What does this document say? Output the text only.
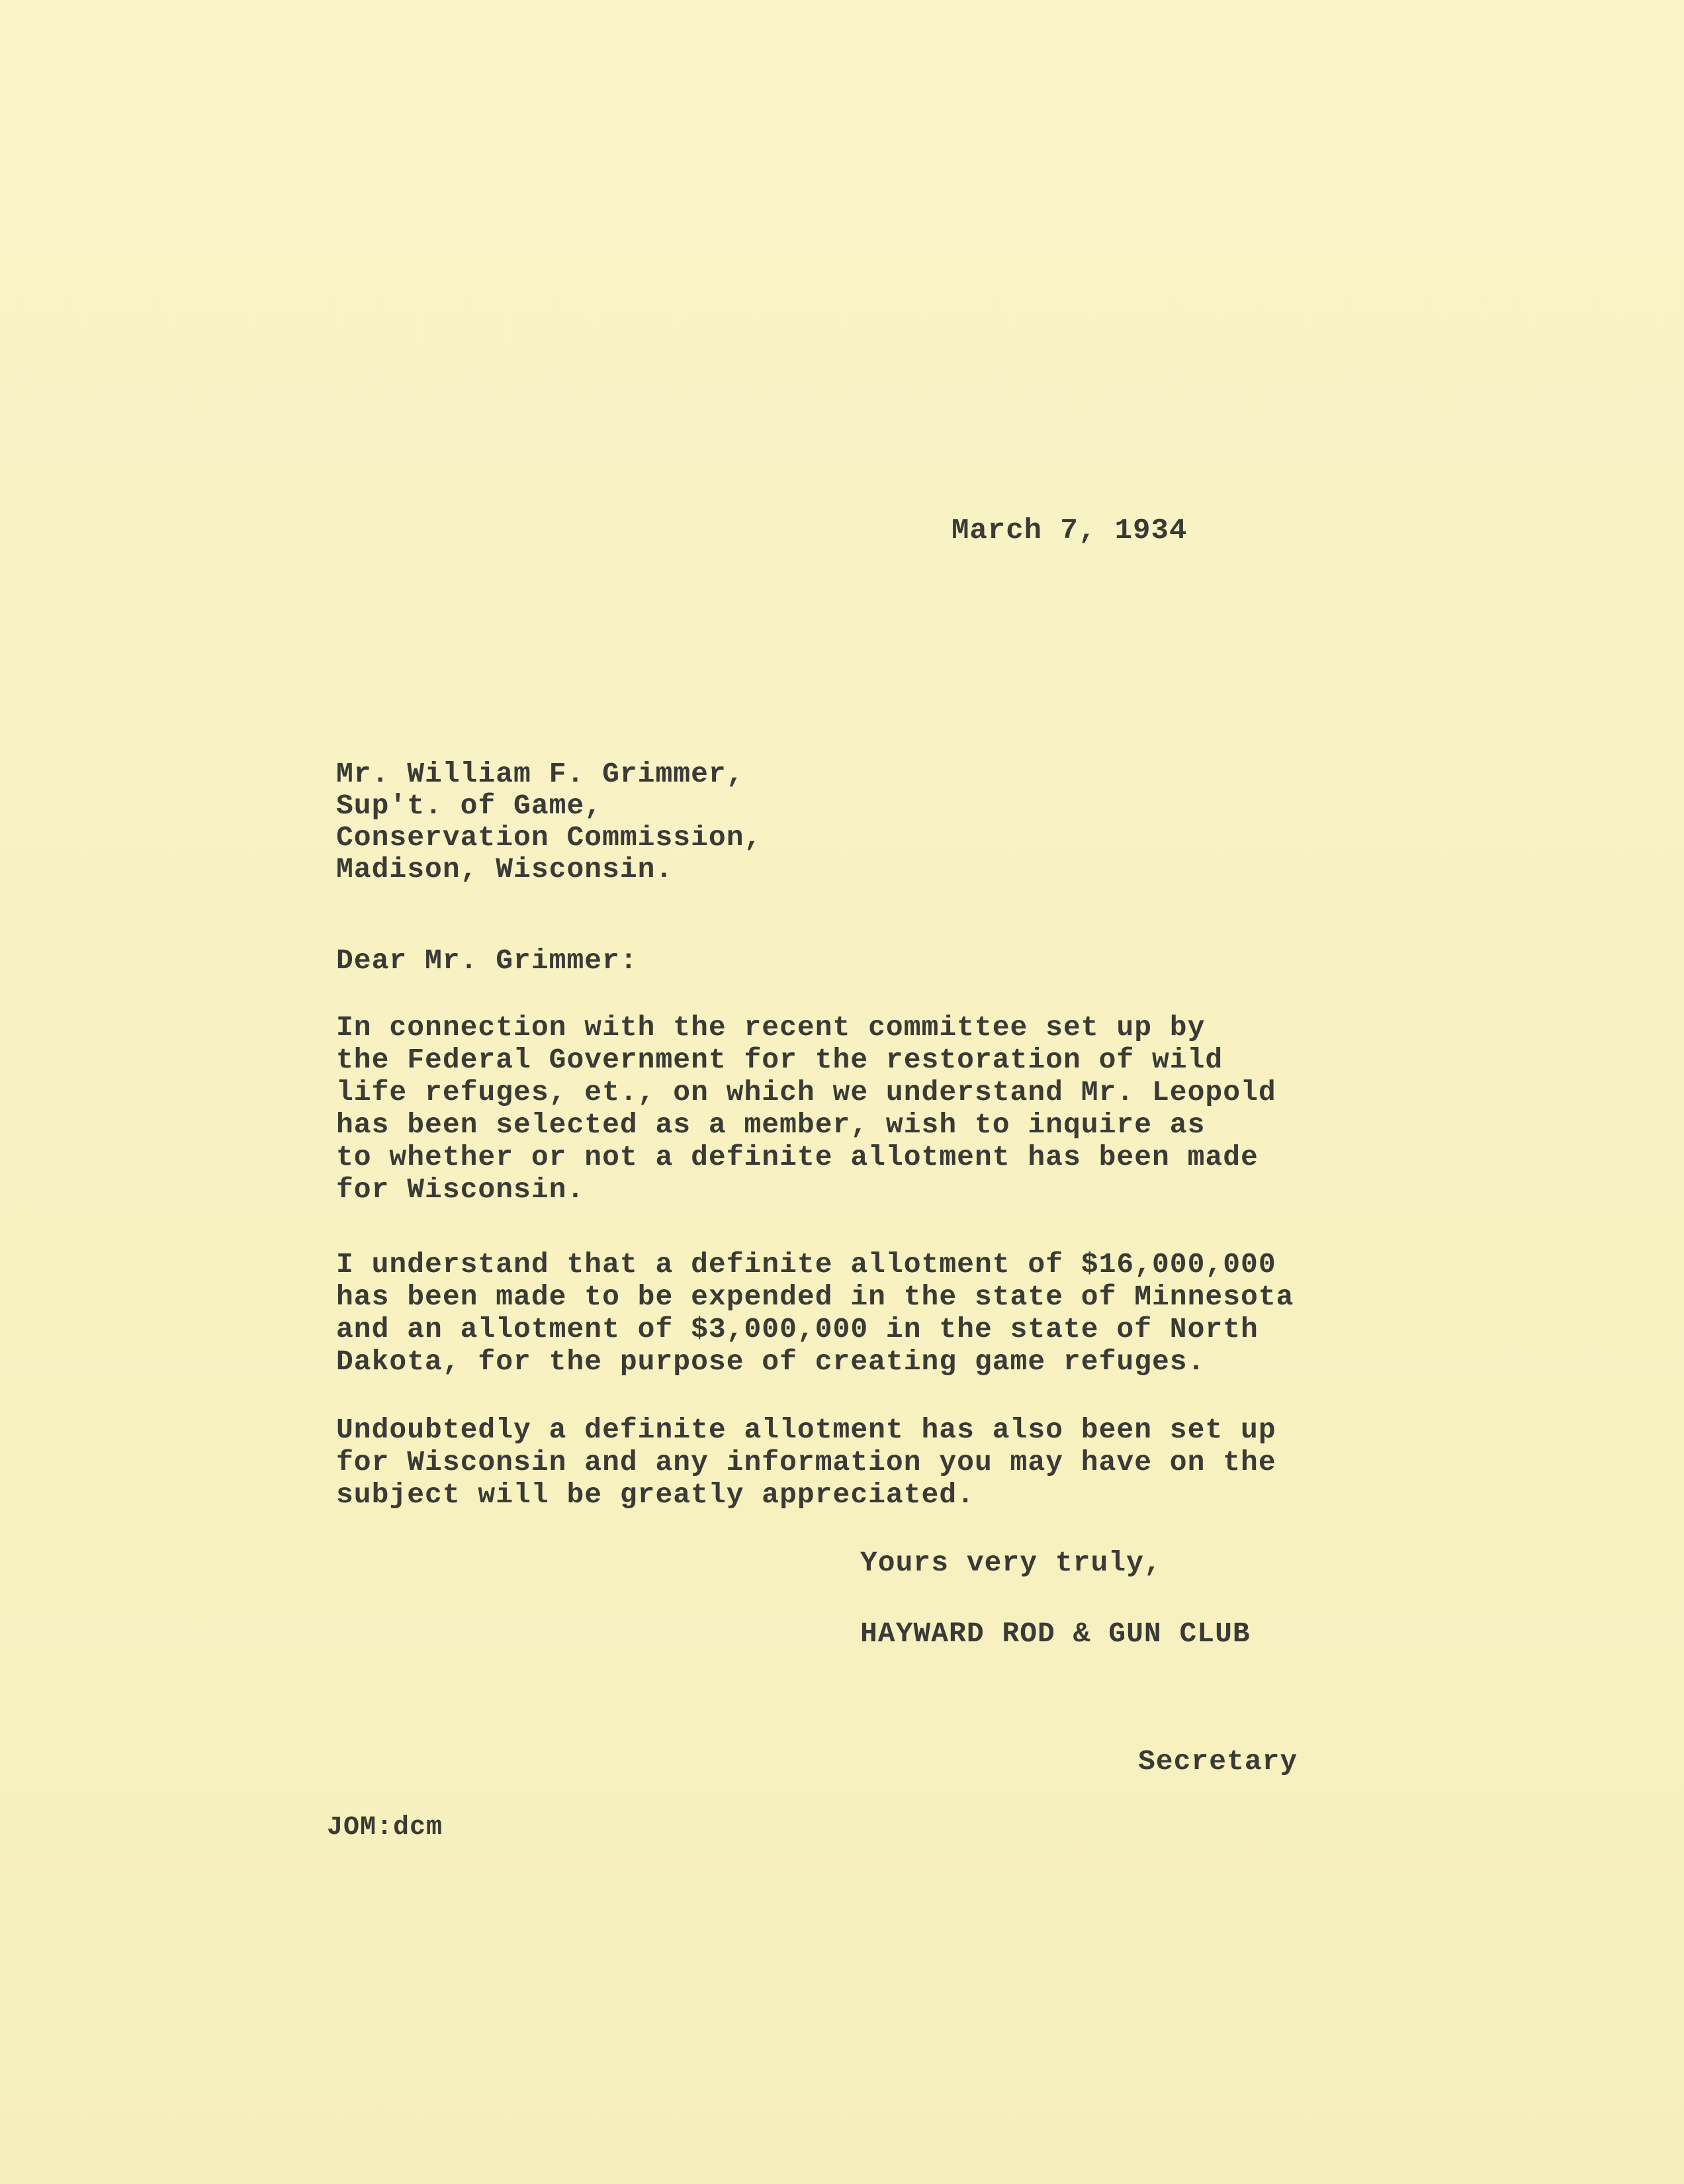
March 7, 1934
Mr. William F. Grimmer,
Sup't. of Game,
Conservation Commission,
Madison, Wisconsin.
Dear Mr. Grimmer:
In connection with the recent committee set up by
the Federal Government for the restoration of wild
life refuges, et., on which we understand Mr. Leopold
has been selected as a member, wish to inquire as
to whether or not a definite allotment has been made
for Wisconsin.
I understand that a definite allotment of $16,000,000
has been made to be expended in the state of Minnesota
and an allotment of $3,000,000 in the state of North
Dakota, for the purpose of creating game refuges.
Undoubtedly a definite allotment has also been set up
for Wisconsin and any information you may have on the
subject will be greatly appreciated.
Yours very truly,
HAYWARD ROD & GUN CLUB
Secretary
JOM:dcm
